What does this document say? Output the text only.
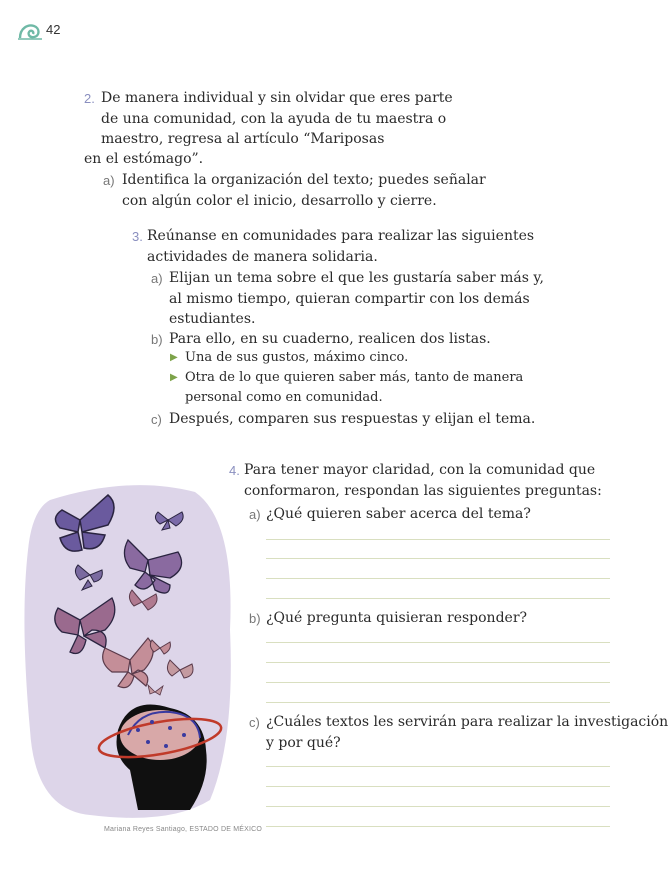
42
2. De manera individual y sin olvidar que eres parte
de una comunidad, con la ayuda de tu maestra o
maestro, regresa al artículo “Mariposas
en el estómago”.
a) Identifica la organización del texto; puedes señalar
con algún color el inicio, desarrollo y cierre.
3. Reúnanse en comunidades para realizar las siguientes
actividades de manera solidaria.
a) Elijan un tema sobre el que les gustaría saber más y,
al mismo tiempo, quieran compartir con los demás
estudiantes.
b) Para ello, en su cuaderno, realicen dos listas.
▶ Una de sus gustos, máximo cinco.
▶ Otra de lo que quieren saber más, tanto de manera
personal como en comunidad.
c) Después, comparen sus respuestas y elijan el tema.
Mariana Reyes Santiago, ESTADO DE MÉXICO
4. Para tener mayor claridad, con la comunidad que
conformaron, respondan las siguientes preguntas:
a) ¿Qué quieren saber acerca del tema?
b) ¿Qué pregunta quisieran responder?
c) ¿Cuáles textos les servirán para realizar la investigación
y por qué?
